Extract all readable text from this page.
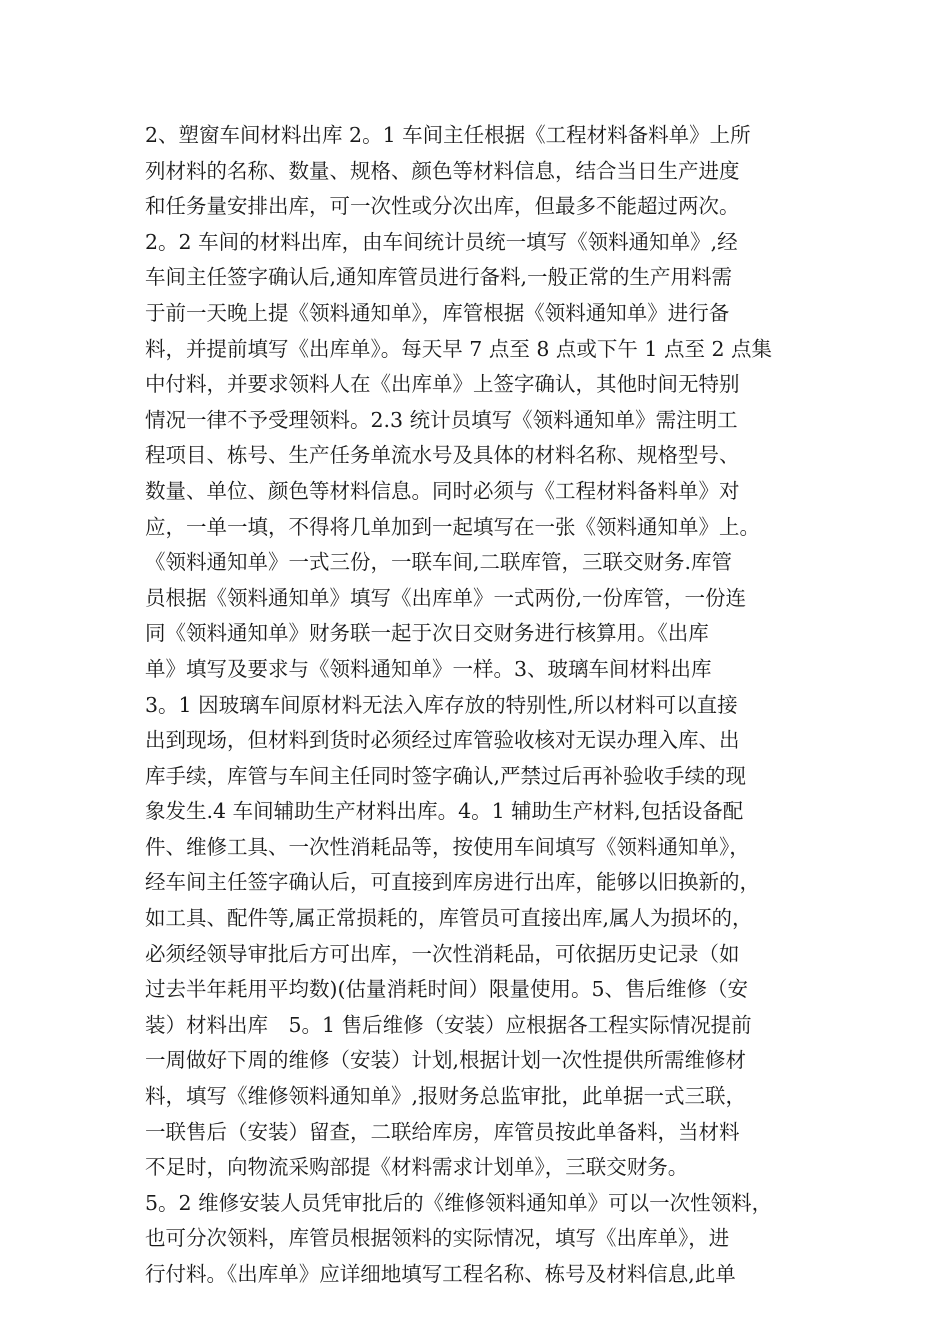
2、塑窗车间材料出库 2。1 车间主任根据《工程材料备料单》上所
列材料的名称、数量、规格、颜色等材料信息，结合当日生产进度
和任务量安排出库，可一次性或分次出库，但最多不能超过两次。
2。2 车间的材料出库，由车间统计员统一填写《领料通知单》,经
车间主任签字确认后,通知库管员进行备料,一般正常的生产用料需
于前一天晚上提《领料通知单》，库管根据《领料通知单》进行备
料，并提前填写《出库单》。每天早 7 点至 8 点或下午 1 点至 2 点集
中付料，并要求领料人在《出库单》上签字确认，其他时间无特别
情况一律不予受理领料。2.3 统计员填写《领料通知单》需注明工
程项目、栋号、生产任务单流水号及具体的材料名称、规格型号、
数量、单位、颜色等材料信息。同时必须与《工程材料备料单》对
应，一单一填，不得将几单加到一起填写在一张《领料通知单》上。
《领料通知单》一式三份，一联车间,二联库管，三联交财务.库管
员根据《领料通知单》填写《出库单》一式两份,一份库管，一份连
同《领料通知单》财务联一起于次日交财务进行核算用。《出库
单》填写及要求与《领料通知单》一样。3、玻璃车间材料出库
3。1 因玻璃车间原材料无法入库存放的特别性,所以材料可以直接
出到现场，但材料到货时必须经过库管验收核对无误办理入库、出
库手续，库管与车间主任同时签字确认,严禁过后再补验收手续的现
象发生.4 车间辅助生产材料出库。4。1 辅助生产材料,包括设备配
件、维修工具、一次性消耗品等，按使用车间填写《领料通知单》，
经车间主任签字确认后，可直接到库房进行出库，能够以旧换新的，
如工具、配件等,属正常损耗的，库管员可直接出库,属人为损坏的，
必须经领导审批后方可出库，一次性消耗品，可依据历史记录（如
过去半年耗用平均数)(估量消耗时间）限量使用。5、售后维修（安
装）材料出库　5。1 售后维修（安装）应根据各工程实际情况提前
一周做好下周的维修（安装）计划,根据计划一次性提供所需维修材
料，填写《维修领料通知单》,报财务总监审批，此单据一式三联，
一联售后（安装）留查，二联给库房，库管员按此单备料，当材料
不足时，向物流采购部提《材料需求计划单》，三联交财务。
5。2 维修安装人员凭审批后的《维修领料通知单》可以一次性领料，
也可分次领料，库管员根据领料的实际情况，填写《出库单》，进
行付料。《出库单》应详细地填写工程名称、栋号及材料信息,此单
